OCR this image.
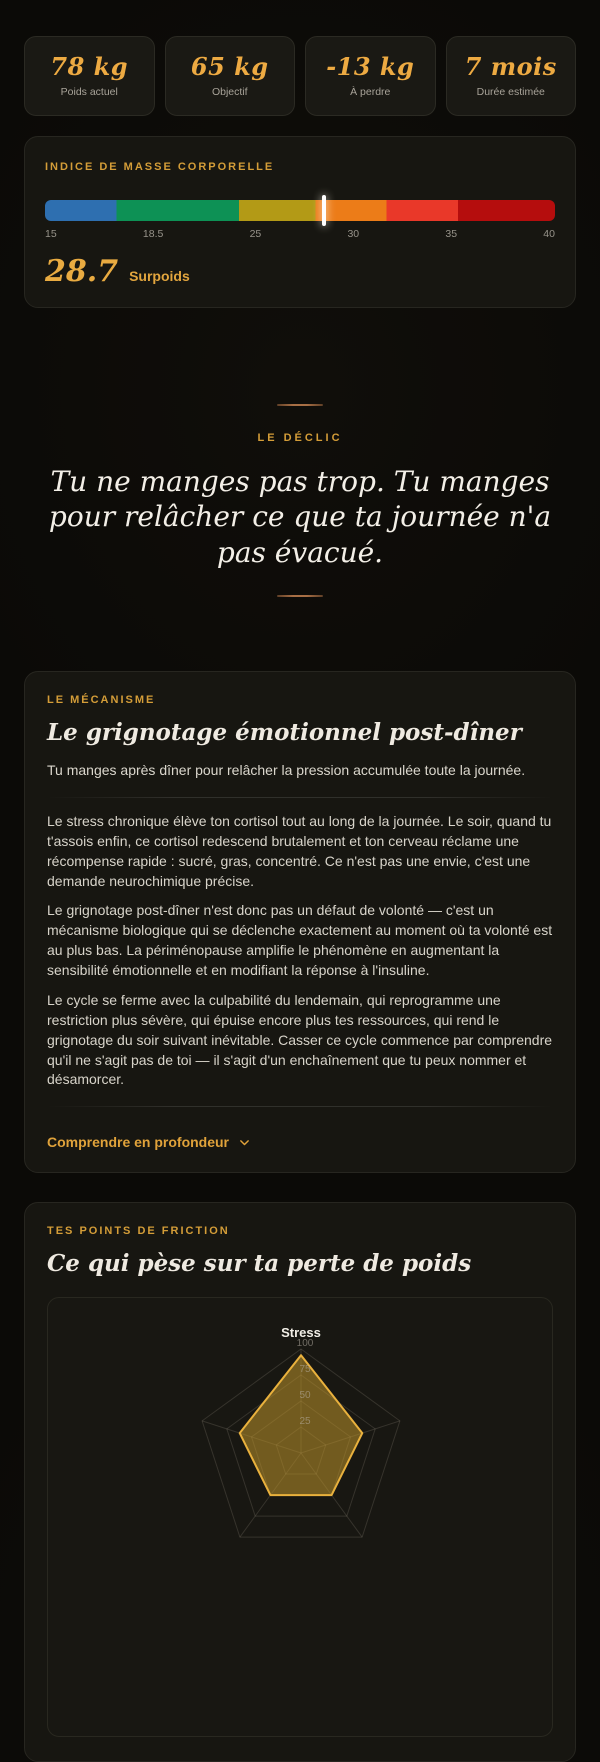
78 kg
Poids actuel
65 kg
Objectif
-13 kg
À perdre
7 mois
Durée estimée
INDICE DE MASSE CORPORELLE
15	18.5	25	30	35	40
28.7 Surpoids
LE DÉCLIC
Tu ne manges pas trop. Tu manges pour relâcher ce que ta journée n'a pas évacué.
LE MÉCANISME
Le grignotage émotionnel post-dîner
Tu manges après dîner pour relâcher la pression accumulée toute la journée.

Le stress chronique élève ton cortisol tout au long de la journée. Le soir, quand tu t'assois enfin, ce cortisol redescend brutalement et ton cerveau réclame une récompense rapide : sucré, gras, concentré. Ce n'est pas une envie, c'est une demande neurochimique précise.

Le grignotage post-dîner n'est donc pas un défaut de volonté — c'est un mécanisme biologique qui se déclenche exactement au moment où ta volonté est au plus bas. La périménopause amplifie le phénomène en augmentant la sensibilité émotionnelle et en modifiant la réponse à l'insuline.

Le cycle se ferme avec la culpabilité du lendemain, qui reprogramme une restriction plus sévère, qui épuise encore plus tes ressources, qui rend le grignotage du soir suivant inévitable. Casser ce cycle commence par comprendre qu'il ne s'agit pas de toi — il s'agit d'un enchaînement que tu peux nommer et désamorcer.

Comprendre en profondeur
TES POINTS DE FRICTION
Ce qui pèse sur ta perte de poids
25
50
75
100
Stress
